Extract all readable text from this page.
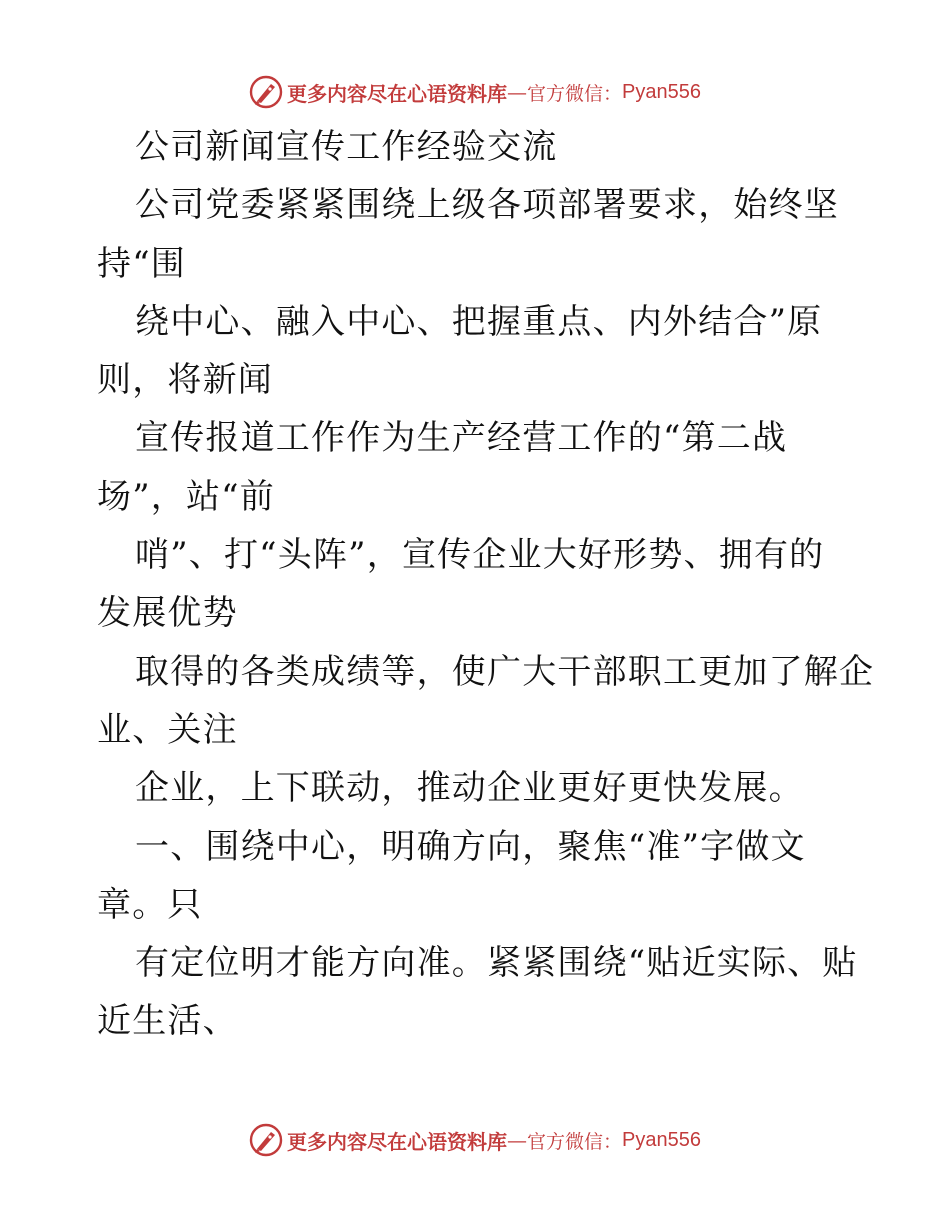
更多内容尽在心语资料库 — 官方微信： Pyan556
公司新闻宣传工作经验交流
公司党委紧紧围绕上级各项部署要求，始终坚
持“围
绕中心、融入中心、把握重点、内外结合”原
则，将新闻
宣传报道工作作为生产经营工作的“第二战
场”，站“前
哨”、打“头阵”，宣传企业大好形势、拥有的
发展优势
取得的各类成绩等，使广大干部职工更加了解企
业、关注
企业，上下联动，推动企业更好更快发展。
一、围绕中心，明确方向，聚焦“准”字做文
章。只
有定位明才能方向准。紧紧围绕“贴近实际、贴
近生活、
更多内容尽在心语资料库 — 官方微信： Pyan556
